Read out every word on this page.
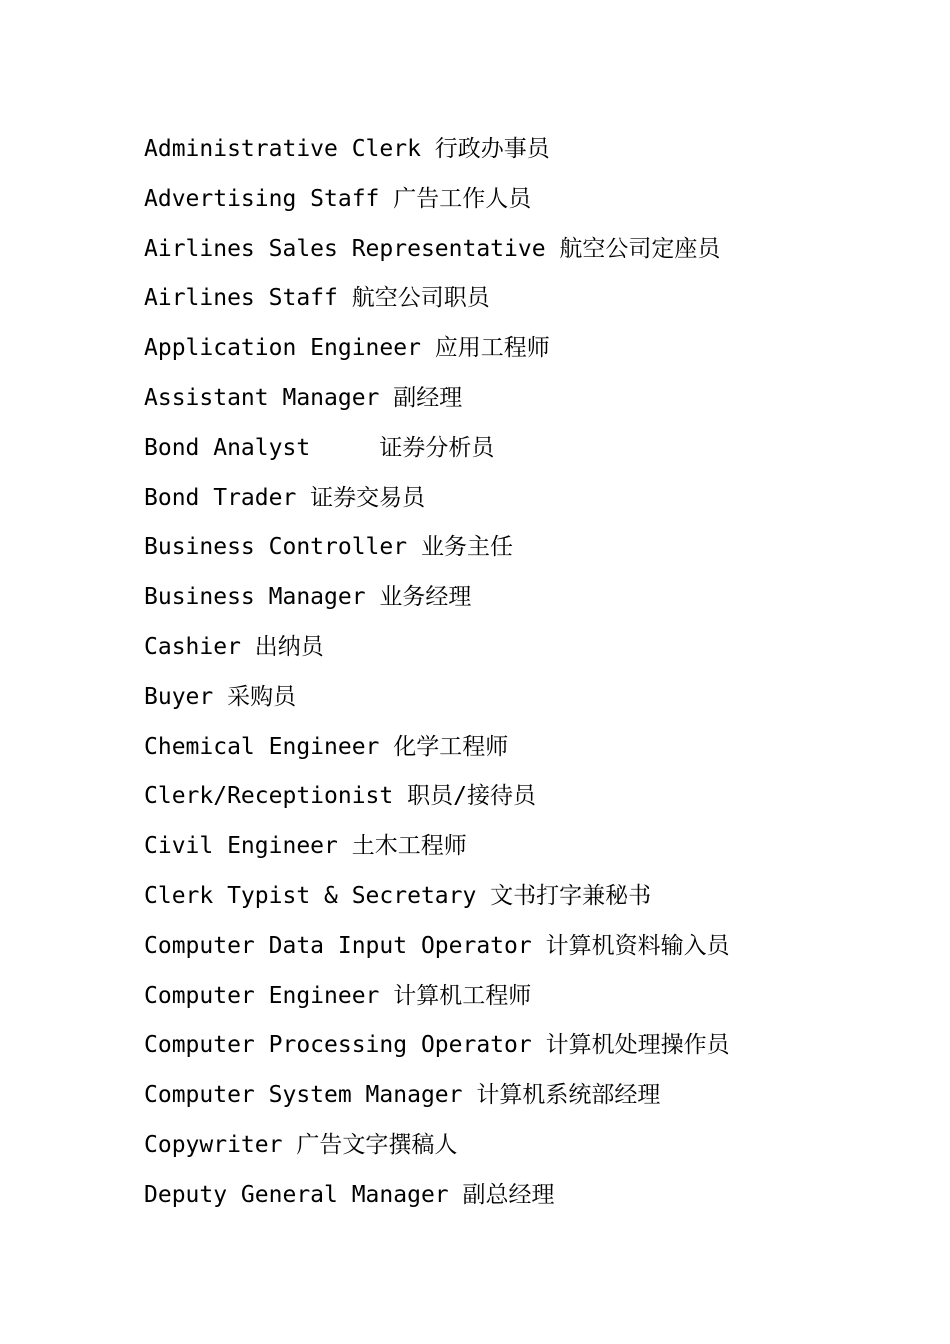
Administrative Clerk 行政办事员
Advertising Staff 广告工作人员
Airlines Sales Representative 航空公司定座员
Airlines Staff 航空公司职员
Application Engineer 应用工程师
Assistant Manager 副经理
Bond Analyst     证券分析员
Bond Trader 证券交易员
Business Controller 业务主任
Business Manager 业务经理
Cashier 出纳员
Buyer 采购员
Chemical Engineer 化学工程师
Clerk/Receptionist 职员/接待员
Civil Engineer 土木工程师
Clerk Typist & Secretary 文书打字兼秘书
Computer Data Input Operator 计算机资料输入员
Computer Engineer 计算机工程师
Computer Processing Operator 计算机处理操作员
Computer System Manager 计算机系统部经理
Copywriter 广告文字撰稿人
Deputy General Manager 副总经理
